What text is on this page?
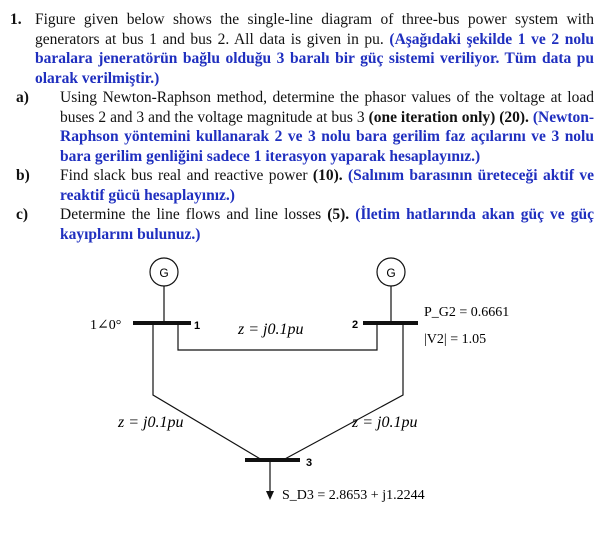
1. Figure given below shows the single-line diagram of three-bus power system with generators at bus 1 and bus 2. All data is given in pu. (Aşağıdaki şekilde 1 ve 2 nolu baralara jeneratörün bağlu olduğu 3 baralı bir güç sistemi veriliyor. Tüm data pu olarak verilmiştir.)
a) Using Newton-Raphson method, determine the phasor values of the voltage at load buses 2 and 3 and the voltage magnitude at bus 3 (one iteration only) (20). (Newton-Raphson yöntemini kullanarak 2 ve 3 nolu bara gerilim faz açılarını ve 3 nolu bara gerilim genliğini sadece 1 iterasyon yaparak hesaplayınız.)
b) Find slack bus real and reactive power (10). (Salınım barasının üreteceği aktif ve reaktif gücü hesaplayınız.)
c) Determine the line flows and line losses (5). (İletim hatlarında akan güç ve güç kayıplarını bulunuz.)
G	G
1	2
3
1∠0°	z = j0.1pu
z = j0.1pu	z = j0.1pu
P_G2 = 0.6661
|V2| = 1.05
S_D3 = 2.8653 + j1.2244
